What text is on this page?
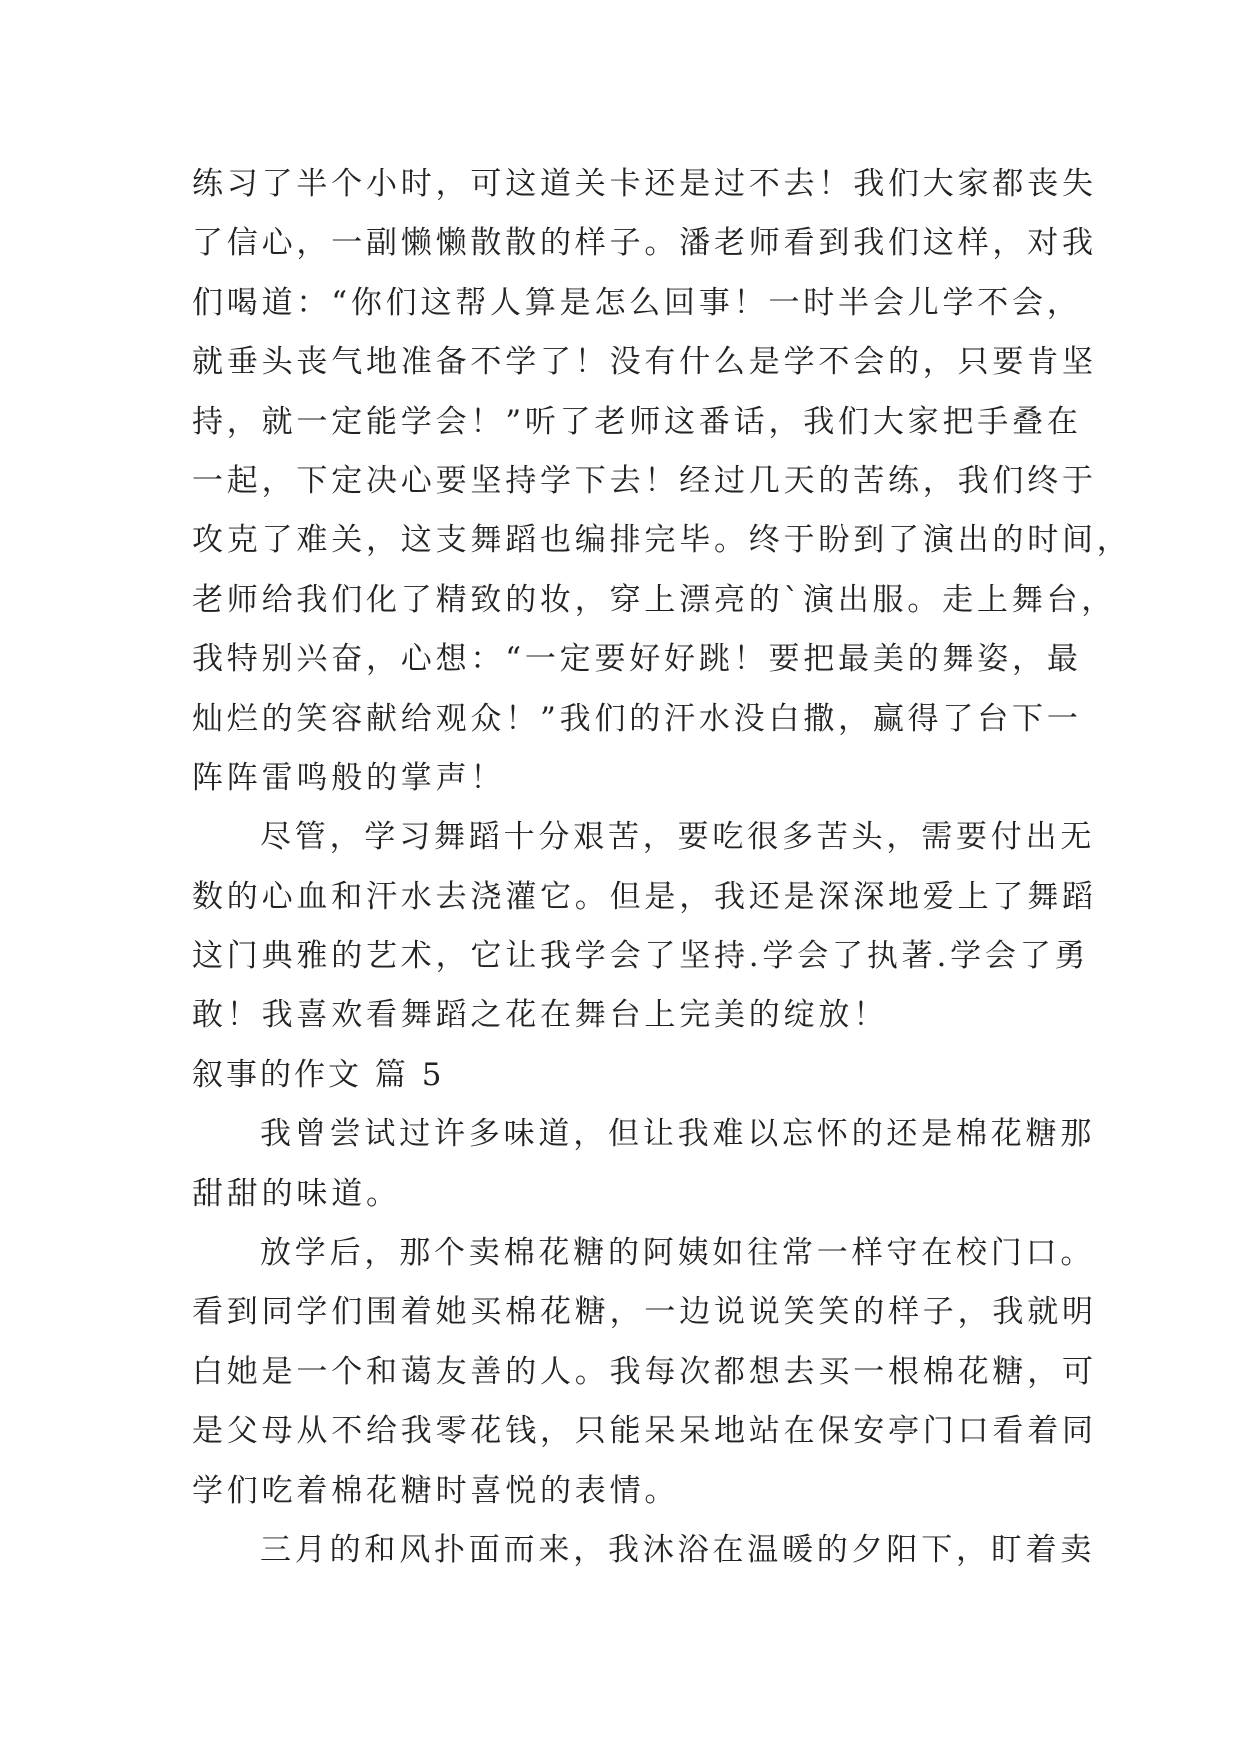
练习了半个小时，可这道关卡还是过不去！我们大家都丧失
了信心，一副懒懒散散的样子。潘老师看到我们这样，对我
们喝道：“你们这帮人算是怎么回事！一时半会儿学不会，
就垂头丧气地准备不学了！没有什么是学不会的，只要肯坚
持，就一定能学会！”听了老师这番话，我们大家把手叠在
一起，下定决心要坚持学下去！经过几天的苦练，我们终于
攻克了难关，这支舞蹈也编排完毕。终于盼到了演出的时间，
老师给我们化了精致的妆，穿上漂亮的`演出服。走上舞台，
我特别兴奋，心想：“一定要好好跳！要把最美的舞姿，最
灿烂的笑容献给观众！”我们的汗水没白撒，赢得了台下一
阵阵雷鸣般的掌声！
尽管，学习舞蹈十分艰苦，要吃很多苦头，需要付出无
数的心血和汗水去浇灌它。但是，我还是深深地爱上了舞蹈
这门典雅的艺术，它让我学会了坚持.学会了执著.学会了勇
敢！我喜欢看舞蹈之花在舞台上完美的绽放！
叙事的作文 篇 5
我曾尝试过许多味道，但让我难以忘怀的还是棉花糖那
甜甜的味道。
放学后，那个卖棉花糖的阿姨如往常一样守在校门口。
看到同学们围着她买棉花糖，一边说说笑笑的样子，我就明
白她是一个和蔼友善的人。我每次都想去买一根棉花糖，可
是父母从不给我零花钱，只能呆呆地站在保安亭门口看着同
学们吃着棉花糖时喜悦的表情。
三月的和风扑面而来，我沐浴在温暖的夕阳下，盯着卖
